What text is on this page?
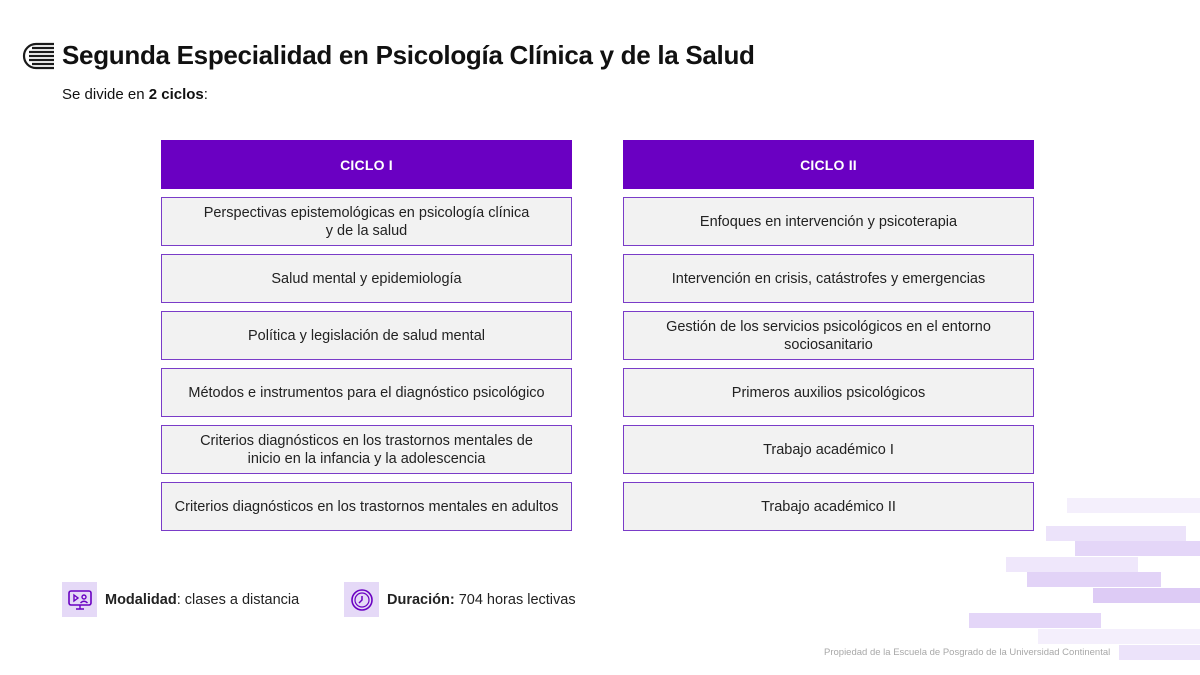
Segunda Especialidad en Psicología Clínica y de la Salud

Se divide en 2 ciclos:

CICLO I
Perspectivas epistemológicas en psicología clínica
y de la salud
Salud mental y epidemiología
Política y legislación de salud mental
Métodos e instrumentos para el diagnóstico psicológico
Criterios diagnósticos en los trastornos mentales de
inicio en la infancia y la adolescencia
Criterios diagnósticos en los trastornos mentales en adultos
CICLO II
Enfoques en intervención y psicoterapia
Intervención en crisis, catástrofes y emergencias
Gestión de los servicios psicológicos en el entorno
sociosanitario
Primeros auxilios psicológicos
Trabajo académico I
Trabajo académico II
Modalidad: clases a distancia	Duración: 704 horas lectivas
Propiedad de la Escuela de Posgrado de la Universidad Continental
